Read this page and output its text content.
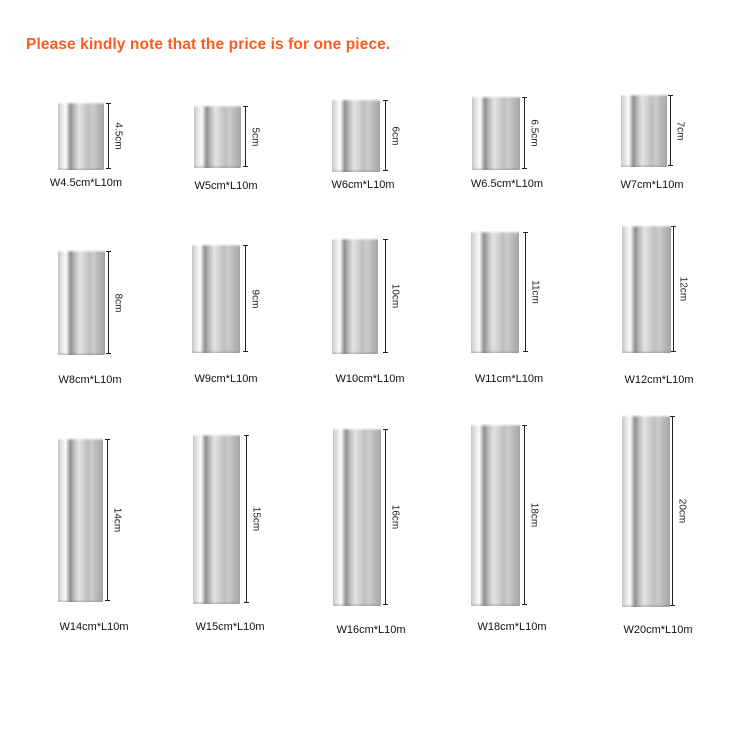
Please kindly note that the price is for one piece.
4.5cm
W4.5cm*L10m
5cm
W5cm*L10m
6cm
W6cm*L10m
6.5cm
W6.5cm*L10m
7cm
W7cm*L10m
8cm
W8cm*L10m
9cm
W9cm*L10m
10cm
W10cm*L10m
11cm
W11cm*L10m
12cm
W12cm*L10m
14cm
W14cm*L10m
15cm
W15cm*L10m
16cm
W16cm*L10m
18cm
W18cm*L10m
20cm
W20cm*L10m
